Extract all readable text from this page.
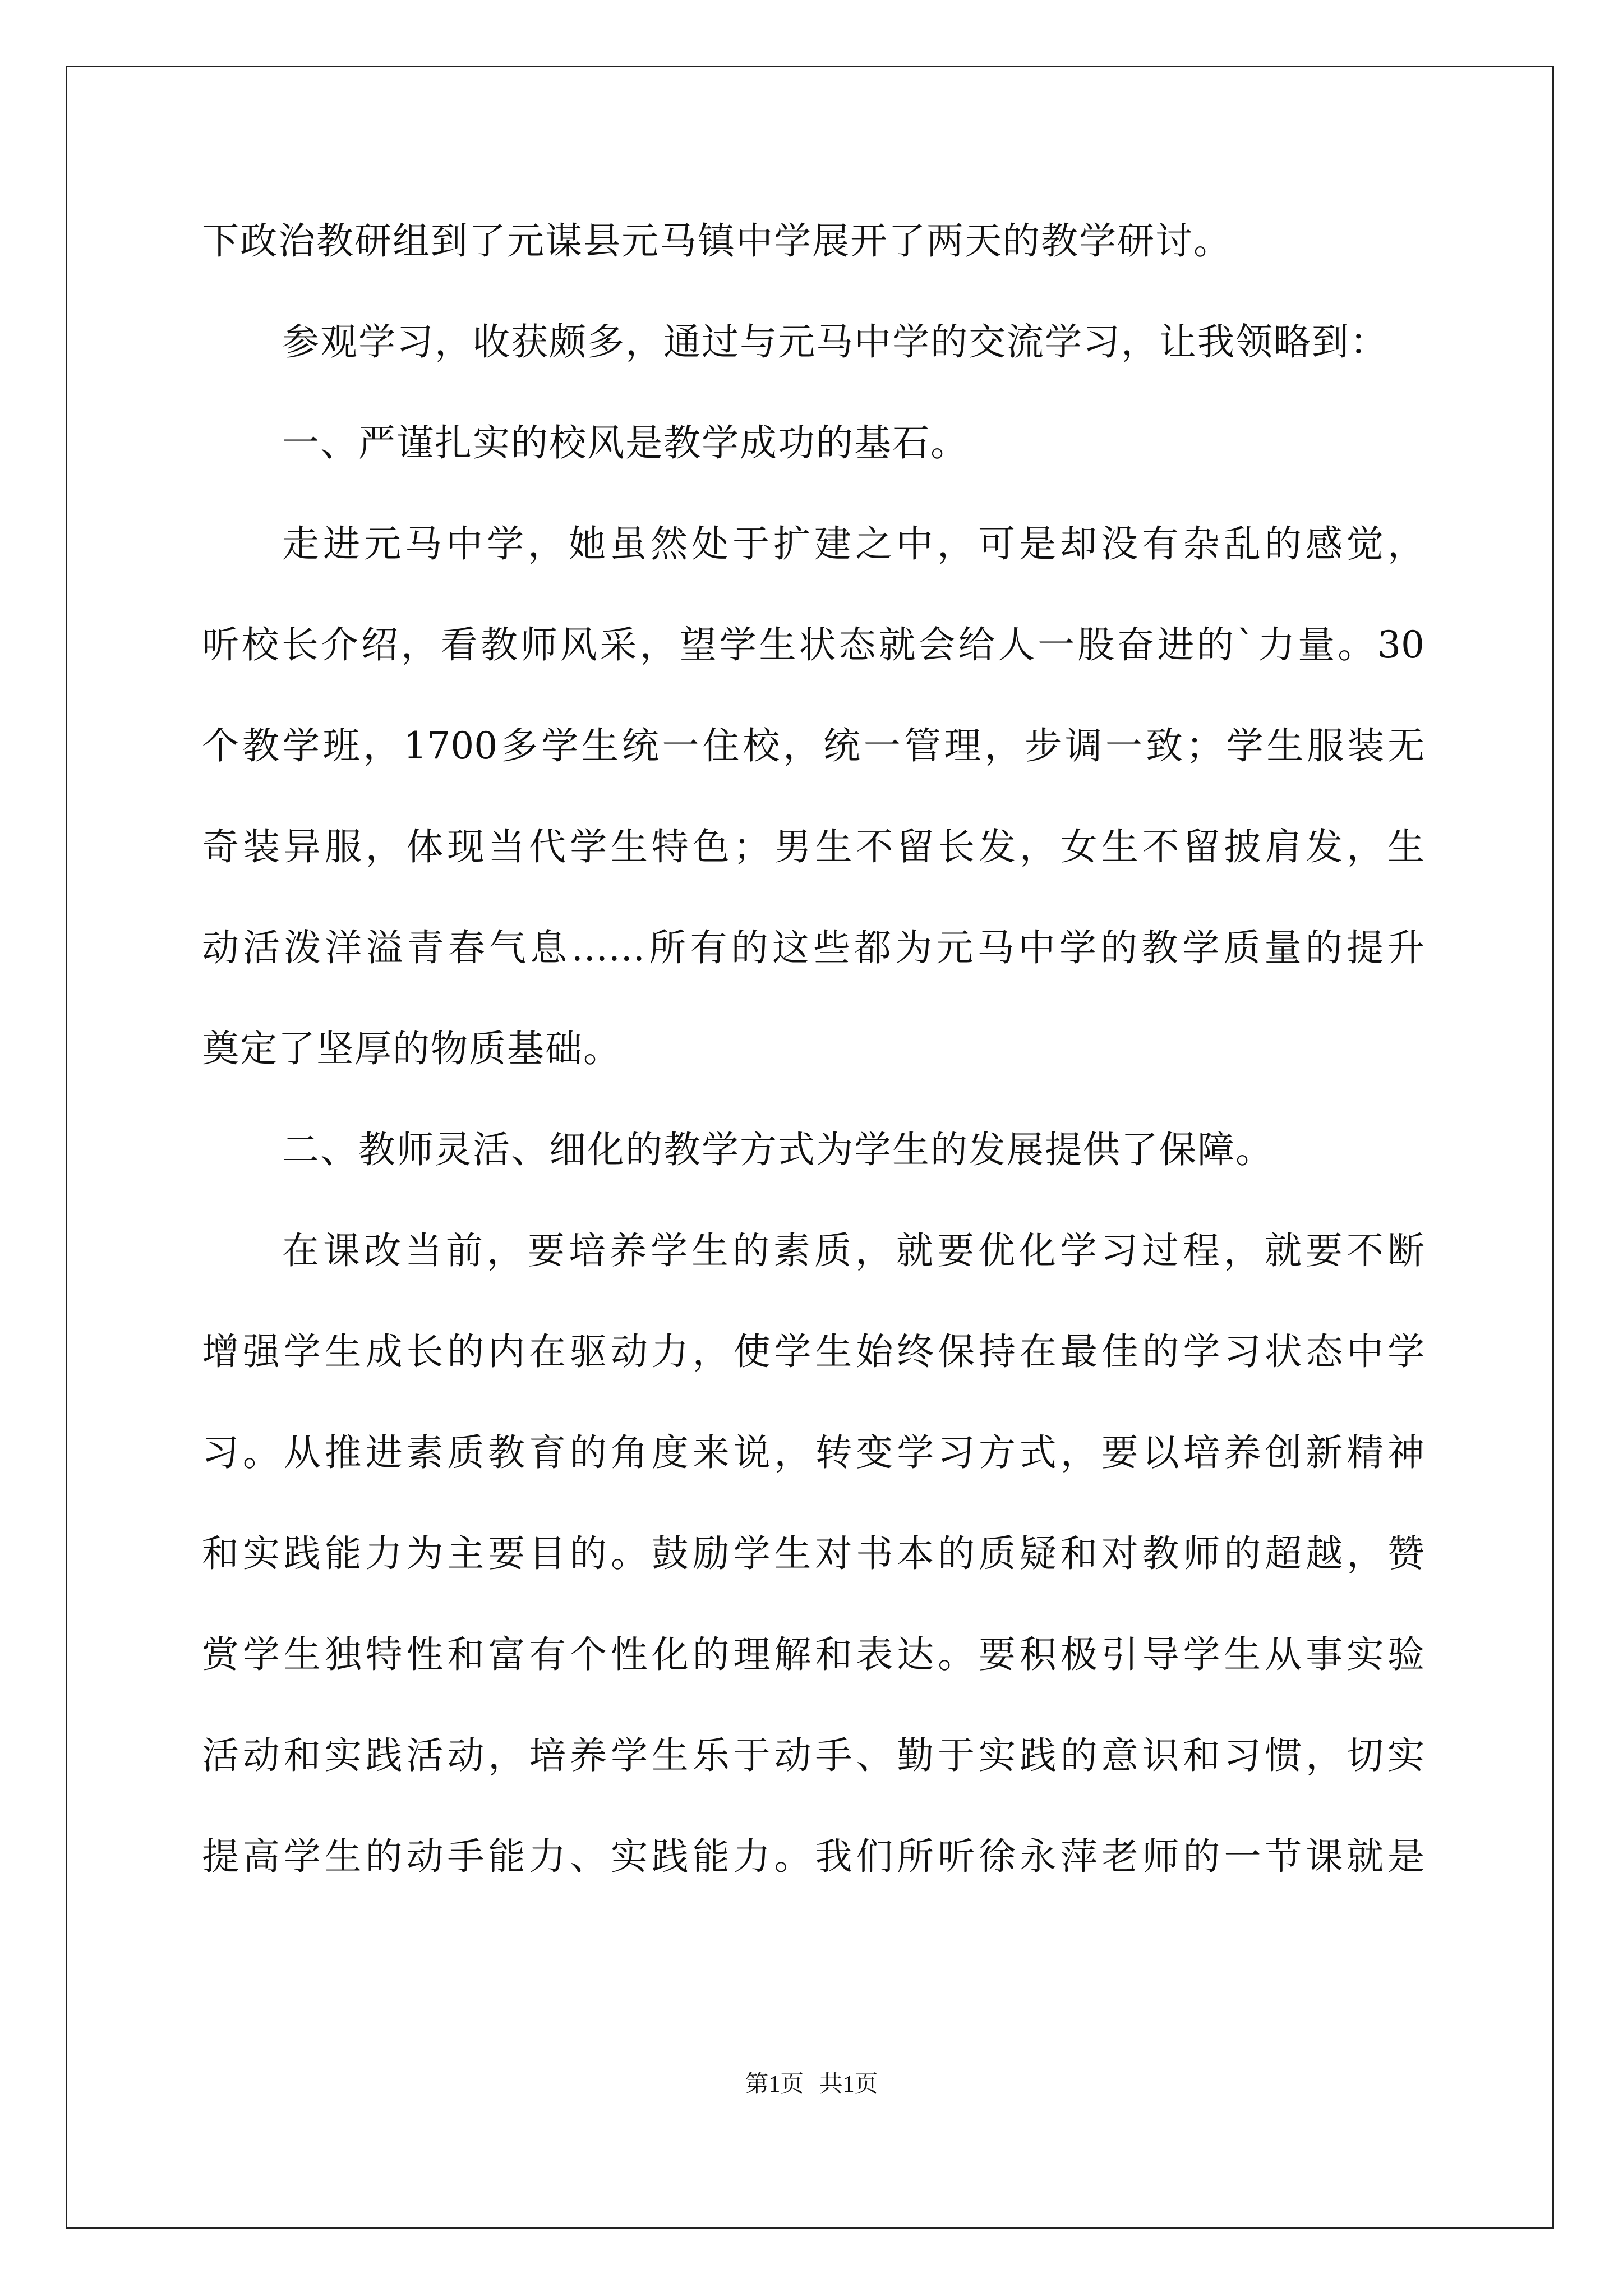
下政治教研组到了元谋县元马镇中学展开了两天的教学研讨。
参观学习，收获颇多，通过与元马中学的交流学习，让我领略到：
一、严谨扎实的校风是教学成功的基石。
走进元马中学，她虽然处于扩建之中，可是却没有杂乱的感觉，
听校长介绍，看教师风采，望学生状态就会给人一股奋进的`力量。30
个教学班，1700多学生统一住校，统一管理，步调一致；学生服装无
奇装异服，体现当代学生特色；男生不留长发，女生不留披肩发，生
动活泼洋溢青春气息……所有的这些都为元马中学的教学质量的提升
奠定了坚厚的物质基础。
二、教师灵活、细化的教学方式为学生的发展提供了保障。
在课改当前，要培养学生的素质，就要优化学习过程，就要不断
增强学生成长的内在驱动力，使学生始终保持在最佳的学习状态中学
习。从推进素质教育的角度来说，转变学习方式，要以培养创新精神
和实践能力为主要目的。鼓励学生对书本的质疑和对教师的超越，赞
赏学生独特性和富有个性化的理解和表达。要积极引导学生从事实验
活动和实践活动，培养学生乐于动手、勤于实践的意识和习惯，切实
提高学生的动手能力、实践能力。我们所听徐永萍老师的一节课就是
第1页 共1页
